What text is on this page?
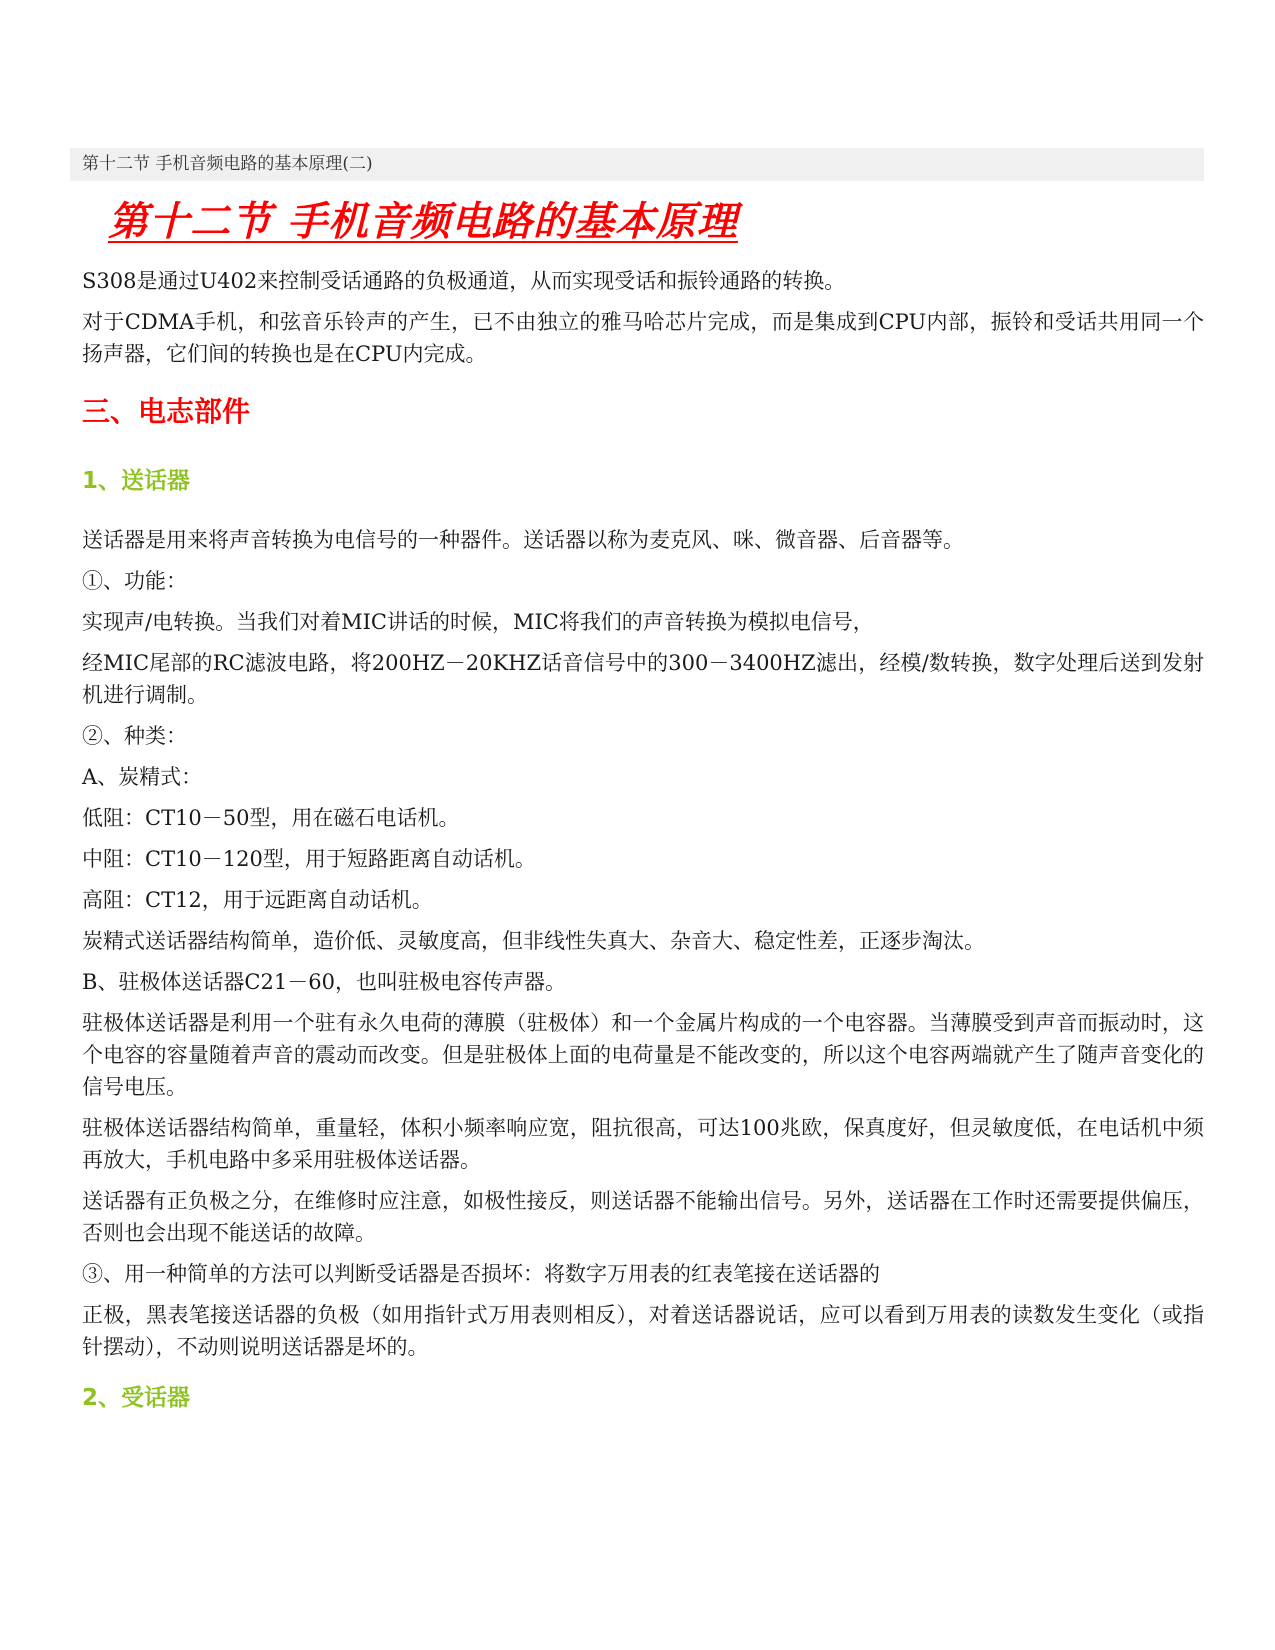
第十二节 手机音频电路的基本原理(二)
第十二节 手机音频电路的基本原理

S308是通过U402来控制受话通路的负极通道，从而实现受话和振铃通路的转换。

对于CDMA手机，和弦音乐铃声的产生，已不由独立的雅马哈芯片完成，而是集成到CPU内部，振铃和受话共用同一个扬声器，它们间的转换也是在CPU内完成。

三、电志部件
1、送话器

送话器是用来将声音转换为电信号的一种器件。送话器以称为麦克风、咪、微音器、后音器等。

①、功能：

实现声/电转换。当我们对着MIC讲话的时候，MIC将我们的声音转换为模拟电信号，

经MIC尾部的RC滤波电路，将200HZ－20KHZ话音信号中的300－3400HZ滤出，经模/数转换，数字处理后送到发射机进行调制。

②、种类：

A、炭精式：

低阻：CT10－50型，用在磁石电话机。

中阻：CT10－120型，用于短路距离自动话机。

高阻：CT12，用于远距离自动话机。

炭精式送话器结构简单，造价低、灵敏度高，但非线性失真大、杂音大、稳定性差，正逐步淘汰。

B、驻极体送话器C21－60，也叫驻极电容传声器。

驻极体送话器是利用一个驻有永久电荷的薄膜（驻极体）和一个金属片构成的一个电容器。当薄膜受到声音而振动时，这个电容的容量随着声音的震动而改变。但是驻极体上面的电荷量是不能改变的，所以这个电容两端就产生了随声音变化的信号电压。

驻极体送话器结构简单，重量轻，体积小频率响应宽，阻抗很高，可达100兆欧，保真度好，但灵敏度低，在电话机中须再放大，手机电路中多采用驻极体送话器。

送话器有正负极之分，在维修时应注意，如极性接反，则送话器不能输出信号。另外，送话器在工作时还需要提供偏压，否则也会出现不能送话的故障。

③、用一种简单的方法可以判断受话器是否损坏：将数字万用表的红表笔接在送话器的

正极，黑表笔接送话器的负极（如用指针式万用表则相反），对着送话器说话，应可以看到万用表的读数发生变化（或指针摆动），不动则说明送话器是坏的。

2、受话器
